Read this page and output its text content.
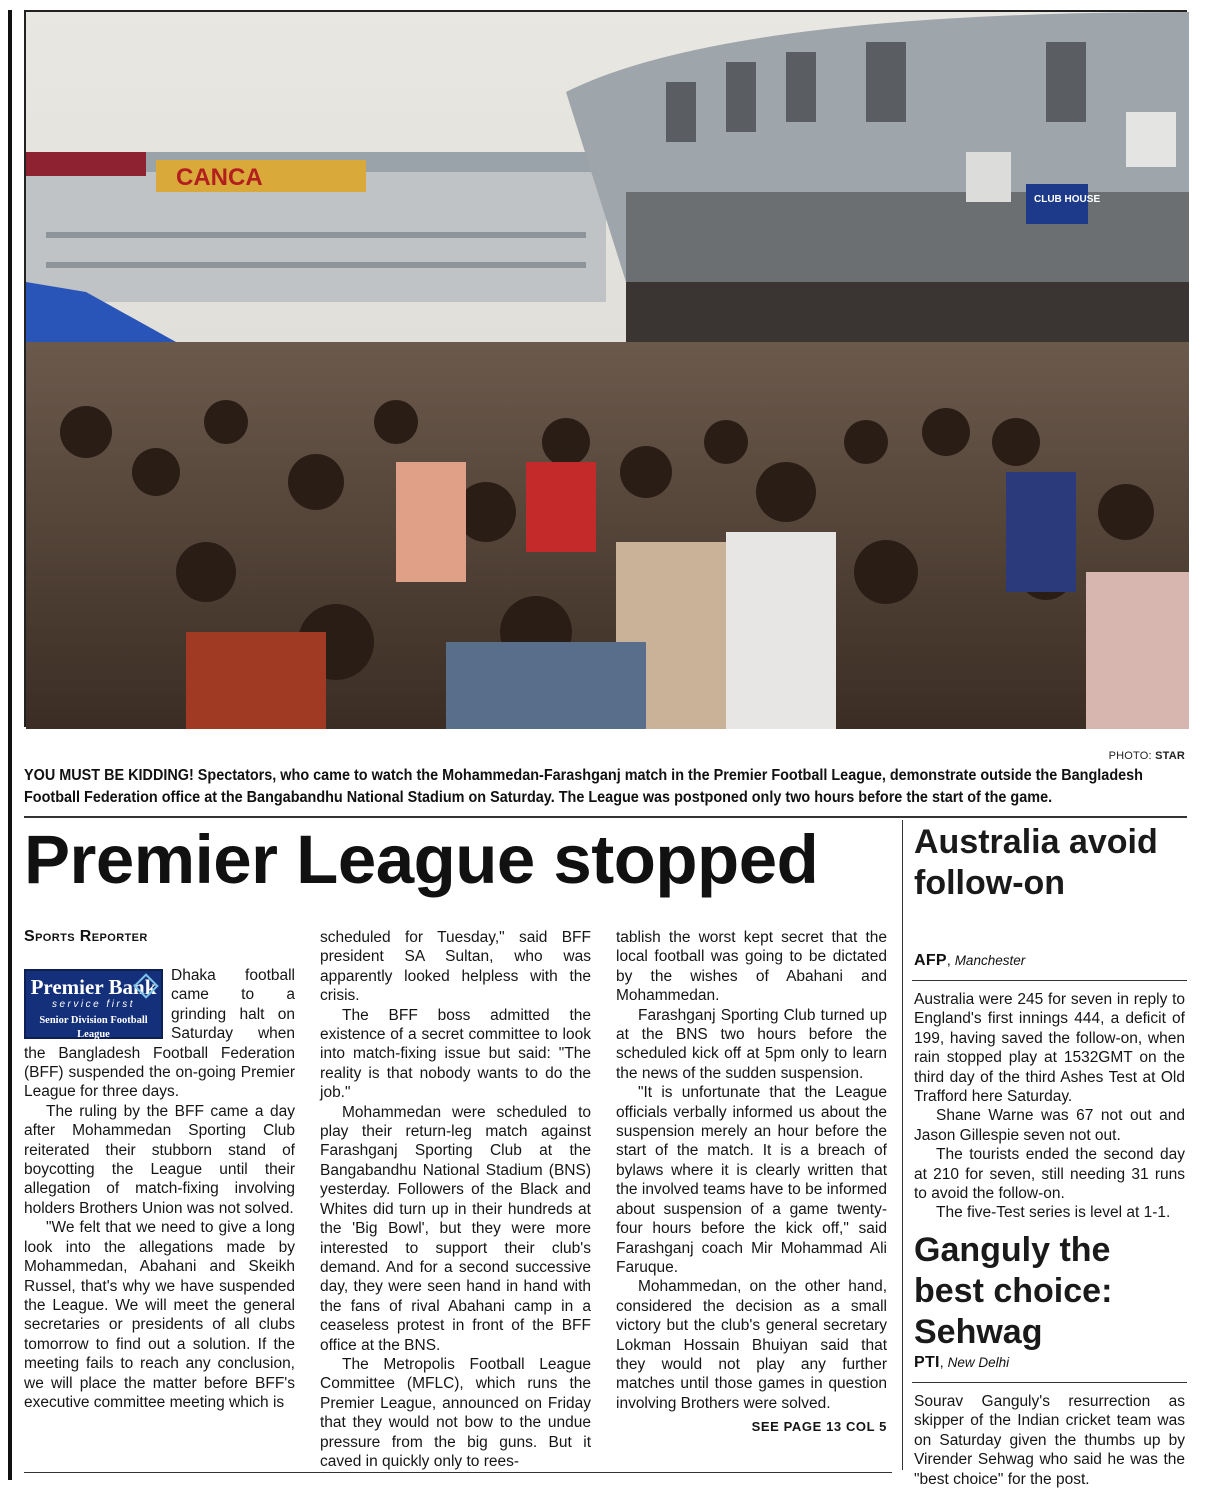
CANCA
CLUB HOUSE
PHOTO: STAR
YOU MUST BE KIDDING! Spectators, who came to watch the Mohammedan-Farashganj match in the Premier Football League, demonstrate outside the Bangladesh Football Federation office at the Bangabandhu National Stadium on Saturday. The League was postponed only two hours before the start of the game.
Premier League stopped
Sports Reporter
Premier Bank
service first
Senior Division Football League

Dhaka football came to a grinding halt on Saturday when the Bangladesh Football Federation (BFF) suspended the on-going Premier League for three days.

The ruling by the BFF came a day after Mohammedan Sporting Club reiterated their stubborn stand of boycotting the League until their allegation of match-fixing involving holders Brothers Union was not solved.

"We felt that we need to give a long look into the allegations made by Mohammedan, Abahani and Skeikh Russel, that's why we have suspended the League. We will meet the general secretaries or presidents of all clubs tomorrow to find out a solution. If the meeting fails to reach any conclusion, we will place the matter before BFF's executive committee meeting which is

scheduled for Tuesday," said BFF president SA Sultan, who was apparently looked helpless with the crisis.

The BFF boss admitted the existence of a secret committee to look into match-fixing issue but said: "The reality is that nobody wants to do the job."

Mohammedan were scheduled to play their return-leg match against Farashganj Sporting Club at the Bangabandhu National Stadium (BNS) yesterday. Followers of the Black and Whites did turn up in their hundreds at the 'Big Bowl', but they were more interested to support their club's demand. And for a second successive day, they were seen hand in hand with the fans of rival Abahani camp in a ceaseless protest in front of the BFF office at the BNS.

The Metropolis Football League Committee (MFLC), which runs the Premier League, announced on Friday that they would not bow to the undue pressure from the big guns. But it caved in quickly only to rees-

tablish the worst kept secret that the local football was going to be dictated by the wishes of Abahani and Mohammedan.

Farashganj Sporting Club turned up at the BNS two hours before the scheduled kick off at 5pm only to learn the news of the sudden suspension.

"It is unfortunate that the League officials verbally informed us about the suspension merely an hour before the start of the match. It is a breach of bylaws where it is clearly written that the involved teams have to be informed about suspension of a game twenty-four hours before the kick off," said Farashganj coach Mir Mohammad Ali Faruque.

Mohammedan, on the other hand, considered the decision as a small victory but the club's general secretary Lokman Hossain Bhuiyan said that they would not play any further matches until those games in question involving Brothers were solved.

SEE PAGE 13 COL 5
Australia avoid follow-on
AFP, Manchester

Australia were 245 for seven in reply to England's first innings 444, a deficit of 199, having saved the follow-on, when rain stopped play at 1532GMT on the third day of the third Ashes Test at Old Trafford here Saturday.

Shane Warne was 67 not out and Jason Gillespie seven not out.

The tourists ended the second day at 210 for seven, still needing 31 runs to avoid the follow-on.

The five-Test series is level at 1-1.

Ganguly the best choice: Sehwag
PTI, New Delhi

Sourav Ganguly's resurrection as skipper of the Indian cricket team was on Saturday given the thumbs up by Virender Sehwag who said he was the "best choice" for the post.
